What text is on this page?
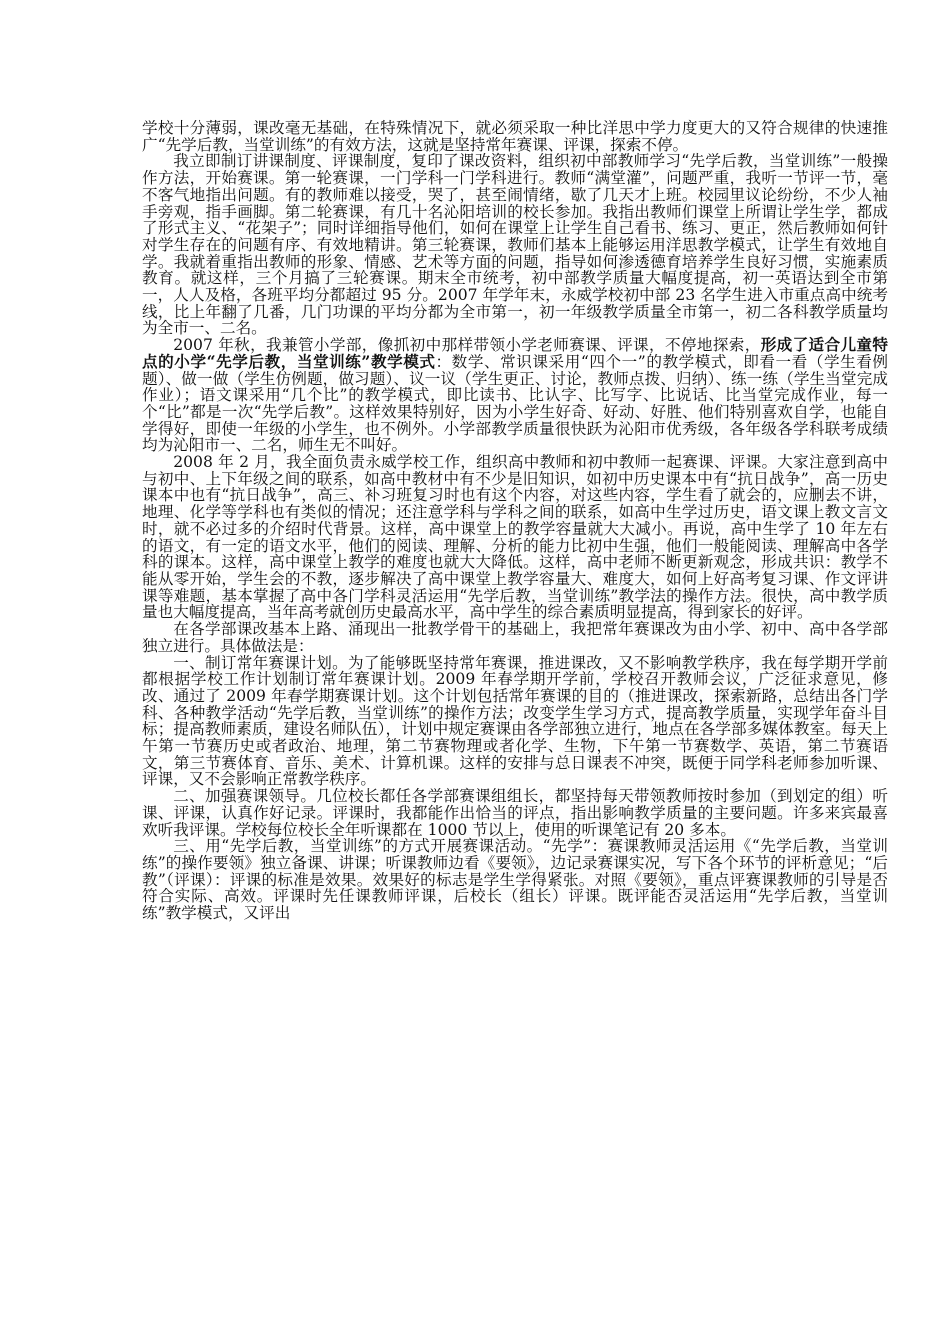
学校十分薄弱，课改毫无基础，在特殊情况下，就必须采取一种比洋思中学力度更大的又符合规律的快速推广“先学后教，当堂训练”的有效方法，这就是坚持常年赛课、评课，探索不停。

我立即制订讲课制度、评课制度，复印了课改资料，组织初中部教师学习“先学后教，当堂训练”一般操作方法，开始赛课。第一轮赛课，一门学科一门学科进行。教师“满堂灌”，问题严重，我听一节评一节，毫不客气地指出问题。有的教师难以接受，哭了，甚至闹情绪，歇了几天才上班。校园里议论纷纷，不少人袖手旁观，指手画脚。第二轮赛课，有几十名沁阳培训的校长参加。我指出教师们课堂上所谓让学生学，都成了形式主义、“花架子”；同时详细指导他们，如何在课堂上让学生自己看书、练习、更正，然后教师如何针对学生存在的问题有序、有效地精讲。第三轮赛课，教师们基本上能够运用洋思教学模式，让学生有效地自学。我就着重指出教师的形象、情感、艺术等方面的问题，指导如何渗透德育培养学生良好习惯，实施素质教育。就这样，三个月搞了三轮赛课。期末全市统考，初中部教学质量大幅度提高，初一英语达到全市第一，人人及格，各班平均分都超过 95 分。2007 年学年末，永威学校初中部 23 名学生进入市重点高中统考线，比上年翻了几番，几门功课的平均分都为全市第一，初一年级教学质量全市第一，初二各科教学质量均为全市一、二名。

2007 年秋，我兼管小学部，像抓初中那样带领小学老师赛课、评课，不停地探索，形成了适合儿童特点的小学“先学后教，当堂训练”教学模式：数学、常识课采用“四个一”的教学模式，即看一看（学生看例题）、做一做（学生仿例题，做习题）、议一议（学生更正、讨论，教师点拨、归纳）、练一练（学生当堂完成作业）；语文课采用“几个比”的教学模式，即比读书、比认字、比写字、比说话、比当堂完成作业，每一个“比”都是一次“先学后教”。这样效果特别好，因为小学生好奇、好动、好胜、他们特别喜欢自学，也能自学得好，即使一年级的小学生，也不例外。小学部教学质量很快跃为沁阳市优秀级，各年级各学科联考成绩均为沁阳市一、二名，师生无不叫好。

2008 年 2 月，我全面负责永威学校工作，组织高中教师和初中教师一起赛课、评课。大家注意到高中与初中、上下年级之间的联系，如高中教材中有不少是旧知识，如初中历史课本中有“抗日战争”，高一历史课本中也有“抗日战争”，高三、补习班复习时也有这个内容，对这些内容，学生看了就会的，应删去不讲，地理、化学等学科也有类似的情况；还注意学科与学科之间的联系，如高中生学过历史，语文课上教文言文时，就不必过多的介绍时代背景。这样，高中课堂上的教学容量就大大减小。再说，高中生学了 10 年左右的语文，有一定的语文水平，他们的阅读、理解、分析的能力比初中生强，他们一般能阅读、理解高中各学科的课本。这样，高中课堂上教学的难度也就大大降低。这样，高中老师不断更新观念，形成共识：教学不能从零开始，学生会的不教，逐步解决了高中课堂上教学容量大、难度大，如何上好高考复习课、作文评讲课等难题，基本掌握了高中各门学科灵活运用“先学后教，当堂训练”教学法的操作方法。很快，高中教学质量也大幅度提高，当年高考就创历史最高水平，高中学生的综合素质明显提高，得到家长的好评。

在各学部课改基本上路、涌现出一批教学骨干的基础上，我把常年赛课改为由小学、初中、高中各学部独立进行。具体做法是：

一、制订常年赛课计划。为了能够既坚持常年赛课，推进课改，又不影响教学秩序，我在每学期开学前都根据学校工作计划制订常年赛课计划。2009 年春学期开学前，学校召开教师会议，广泛征求意见，修改、通过了 2009 年春学期赛课计划。这个计划包括常年赛课的目的（推进课改，探索新路，总结出各门学科、各种教学活动“先学后教，当堂训练”的操作方法；改变学生学习方式，提高教学质量，实现学年奋斗目标；提高教师素质，建设名师队伍），计划中规定赛课由各学部独立进行，地点在各学部多媒体教室。每天上午第一节赛历史或者政治、地理，第二节赛物理或者化学、生物，下午第一节赛数学、英语，第二节赛语文，第三节赛体育、音乐、美术、计算机课。这样的安排与总日课表不冲突，既便于同学科老师参加听课、评课，又不会影响正常教学秩序。

二、加强赛课领导。几位校长都任各学部赛课组组长，都坚持每天带领教师按时参加（到划定的组）听课、评课，认真作好记录。评课时，我都能作出恰当的评点，指出影响教学质量的主要问题。许多来宾最喜欢听我评课。学校每位校长全年听课都在 1000 节以上，使用的听课笔记有 20 多本。

三、用“先学后教，当堂训练”的方式开展赛课活动。“先学”：赛课教师灵活运用《“先学后教，当堂训练”的操作要领》独立备课、讲课；听课教师边看《要领》，边记录赛课实况，写下各个环节的评析意见；“后教”（评课）：评课的标准是效果。效果好的标志是学生学得紧张。对照《要领》，重点评赛课教师的引导是否符合实际、高效。评课时先任课教师评课，后校长（组长）评课。既评能否灵活运用“先学后教，当堂训练”教学模式，又评出
